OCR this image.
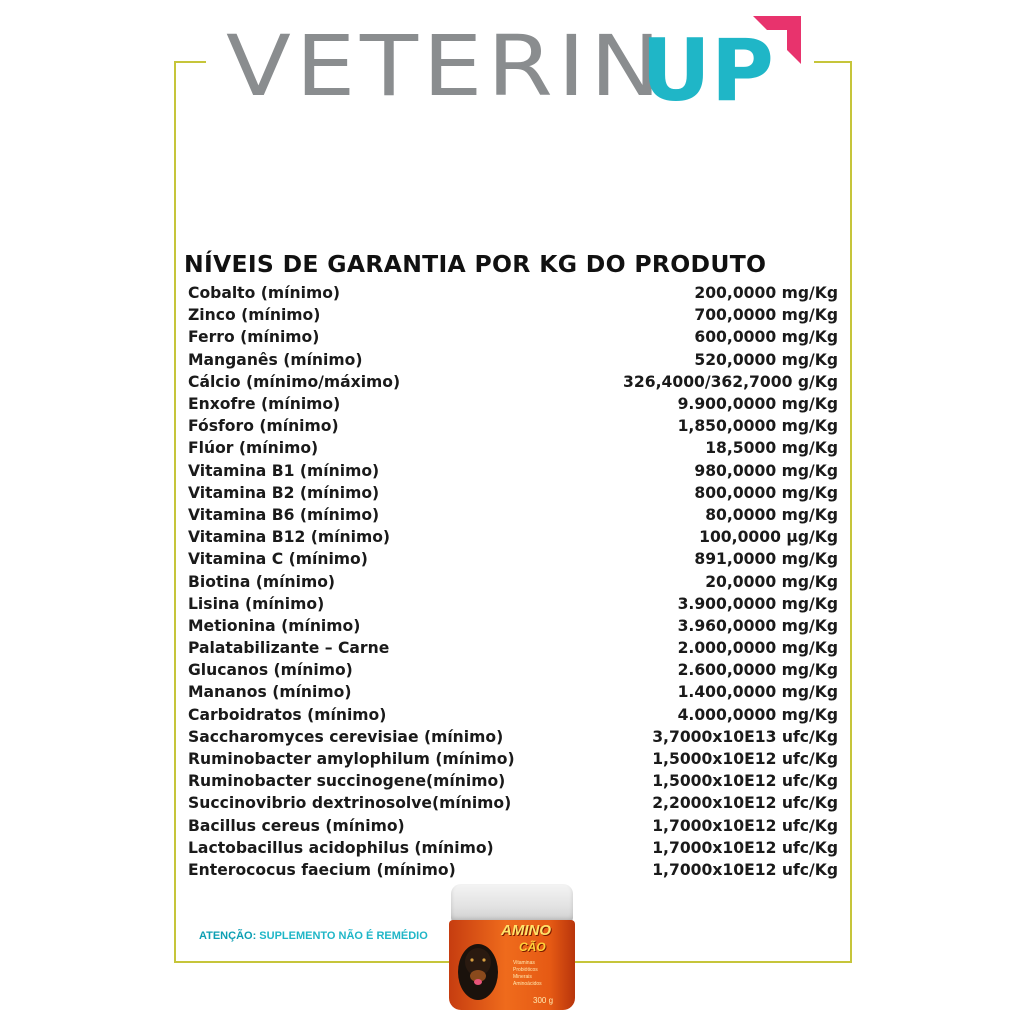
VETERIN
UP
NÍVEIS DE GARANTIA POR KG DO PRODUTO
Cobalto (mínimo)	200,0000 mg/Kg
Zinco (mínimo)	700,0000 mg/Kg
Ferro (mínimo)	600,0000 mg/Kg
Manganês (mínimo)	520,0000 mg/Kg
Cálcio (mínimo/máximo)	326,4000/362,7000 g/Kg
Enxofre (mínimo)	9.900,0000 mg/Kg
Fósforo (mínimo)	1,850,0000 mg/Kg
Flúor (mínimo)	18,5000 mg/Kg
Vitamina B1 (mínimo)	980,0000 mg/Kg
Vitamina B2 (mínimo)	800,0000 mg/Kg
Vitamina B6 (mínimo)	80,0000 mg/Kg
Vitamina B12 (mínimo)	100,0000 µg/Kg
Vitamina C (mínimo)	891,0000 mg/Kg
Biotina (mínimo)	20,0000 mg/Kg
Lisina (mínimo)	3.900,0000 mg/Kg
Metionina (mínimo)	3.960,0000 mg/Kg
Palatabilizante – Carne	2.000,0000 mg/Kg
Glucanos (mínimo)	2.600,0000 mg/Kg
Mananos (mínimo)	1.400,0000 mg/Kg
Carboidratos (mínimo)	4.000,0000 mg/Kg
Saccharomyces cerevisiae (mínimo)	3,7000x10E13 ufc/Kg
Ruminobacter amylophilum (mínimo)	1,5000x10E12 ufc/Kg
Ruminobacter succinogene(mínimo)	1,5000x10E12 ufc/Kg
Succinovibrio dextrinosolve(mínimo)	2,2000x10E12 ufc/Kg
Bacillus cereus (mínimo)	1,7000x10E12 ufc/Kg
Lactobacillus acidophilus (mínimo)	1,7000x10E12 ufc/Kg
Enterococus faecium (mínimo)	1,7000x10E12 ufc/Kg
ATENÇÃO: SUPLEMENTO NÃO É REMÉDIO	AMINO
CÃO
Vitaminas
Probióticos
Minerais
Aminoácidos
300 g
